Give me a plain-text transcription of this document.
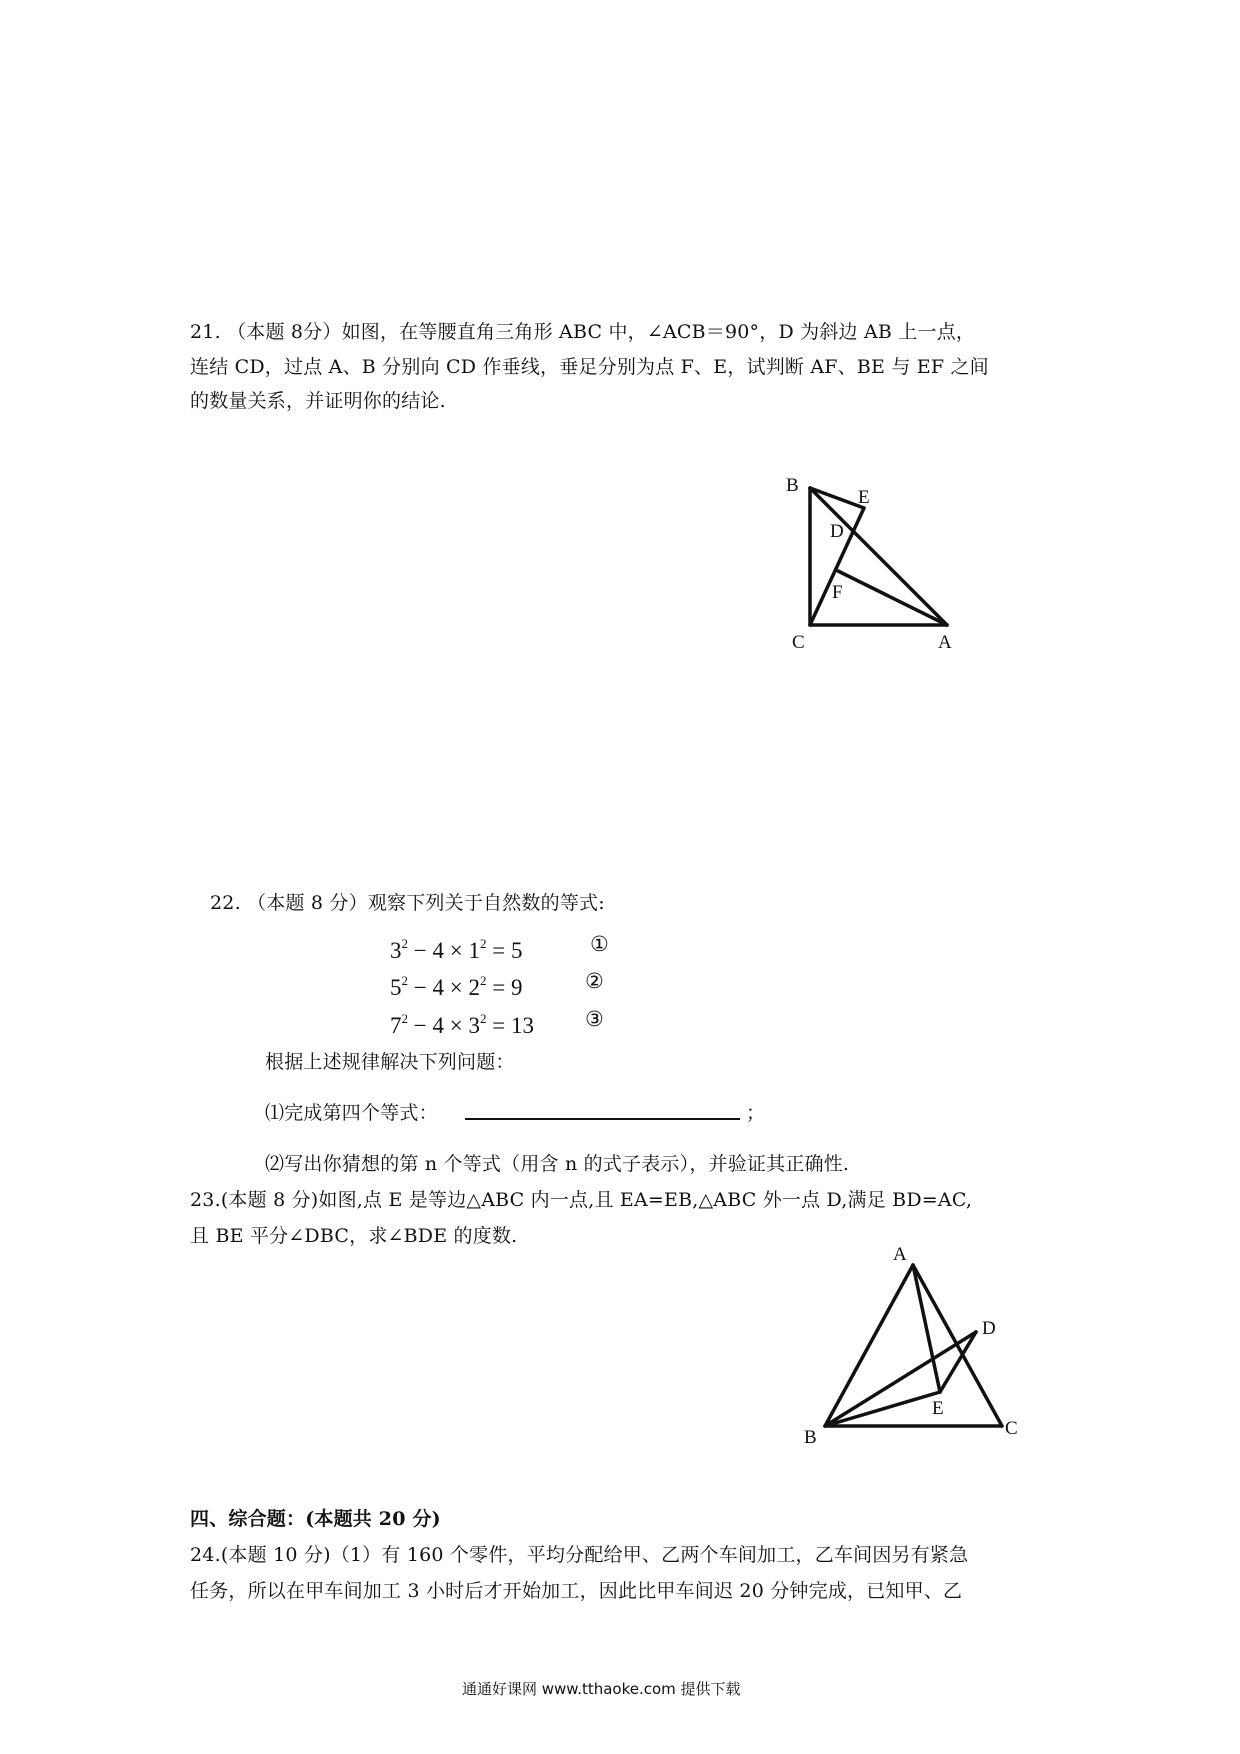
21. （本题 8分）如图，在等腰直角三角形 ABC 中，∠ACB＝90°，D 为斜边 AB 上一点，
连结 CD，过点 A、B 分别向 CD 作垂线，垂足分别为点 F、E，试判断 AF、BE 与 EF 之间
的数量关系，并证明你的结论.
B
E
D
F
C	A
22. （本题 8 分）观察下列关于自然数的等式:
$3^2 - 4 \times 1^2 = 5$	①
$5^2 - 4 \times 2^2 = 9$	②
$7^2 - 4 \times 3^2 = 13$ ③
根据上述规律解决下列问题：
⑴完成第四个等式：	；
⑵写出你猜想的第 n 个等式（用含 n 的式子表示），并验证其正确性.
23.(本题 8 分)如图,点 E 是等边△ABC 内一点,且 EA=EB,△ABC 外一点 D,满足 BD=AC,
且 BE 平分∠DBC，求∠BDE 的度数.
A
D
E
B	C
四、综合题：(本题共 20 分)
24.(本题 10 分)（1）有 160 个零件，平均分配给甲、乙两个车间加工，乙车间因另有紧急
任务，所以在甲车间加工 3 小时后才开始加工，因此比甲车间迟 20 分钟完成，已知甲、乙
通通好课网 www.tthaoke.com 提供下载
